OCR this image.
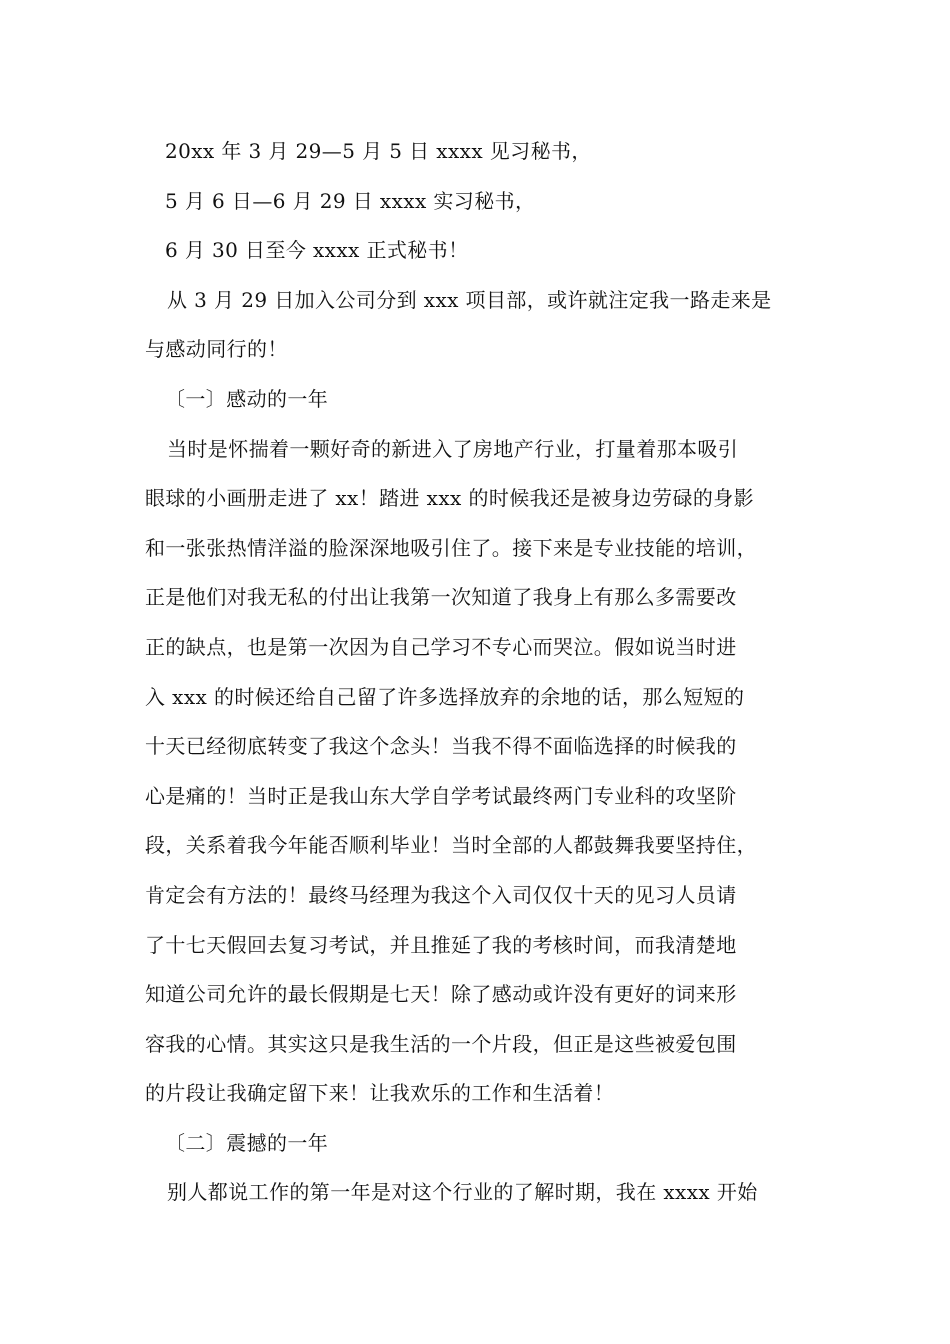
20xx 年 3 月 29—5 月 5 日 xxxx 见习秘书，
5 月 6 日—6 月 29 日 xxxx 实习秘书，
6 月 30 日至今 xxxx 正式秘书！
从 3 月 29 日加入公司分到 xxx 项目部，或许就注定我一路走来是
与感动同行的！
〔一〕感动的一年
当时是怀揣着一颗好奇的新进入了房地产行业，打量着那本吸引
眼球的小画册走进了 xx！踏进 xxx 的时候我还是被身边劳碌的身影
和一张张热情洋溢的脸深深地吸引住了。接下来是专业技能的培训，
正是他们对我无私的付出让我第一次知道了我身上有那么多需要改
正的缺点，也是第一次因为自己学习不专心而哭泣。假如说当时进
入 xxx 的时候还给自己留了许多选择放弃的余地的话，那么短短的
十天已经彻底转变了我这个念头！当我不得不面临选择的时候我的
心是痛的！当时正是我山东大学自学考试最终两门专业科的攻坚阶
段，关系着我今年能否顺利毕业！当时全部的人都鼓舞我要坚持住，
肯定会有方法的！最终马经理为我这个入司仅仅十天的见习人员请
了十七天假回去复习考试，并且推延了我的考核时间，而我清楚地
知道公司允许的最长假期是七天！除了感动或许没有更好的词来形
容我的心情。其实这只是我生活的一个片段，但正是这些被爱包围
的片段让我确定留下来！让我欢乐的工作和生活着！
〔二〕震撼的一年
别人都说工作的第一年是对这个行业的了解时期，我在 xxxx 开始
